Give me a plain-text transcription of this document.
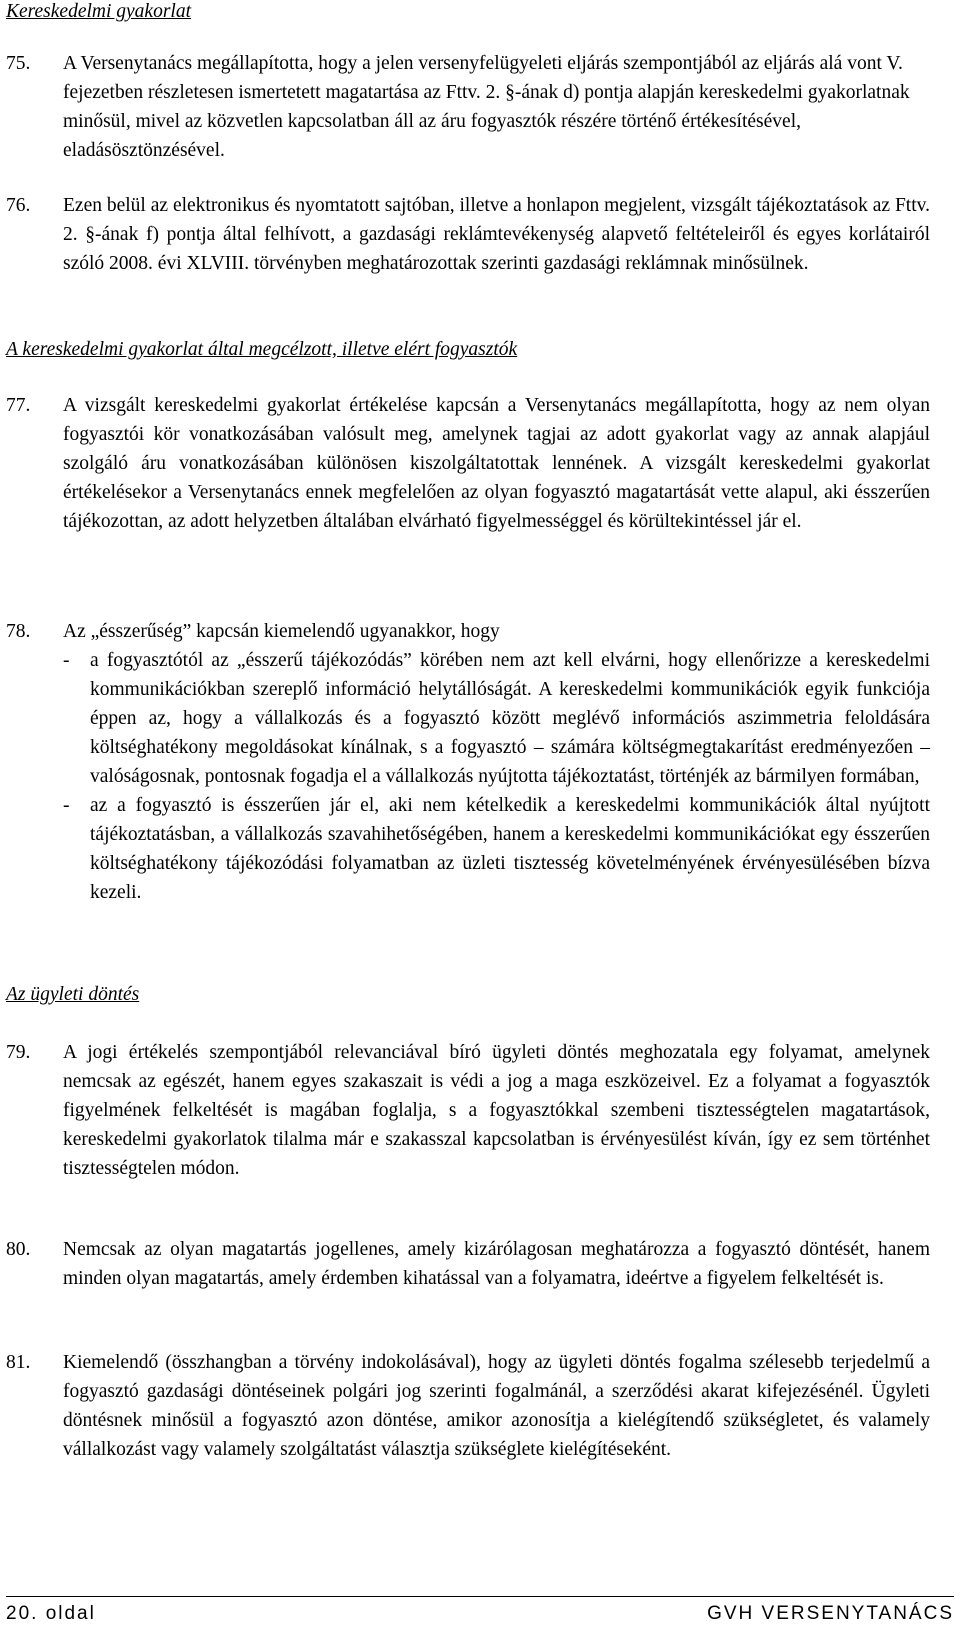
Kereskedelmi gyakorlat
75.	A Versenytanács megállapította, hogy a jelen versenyfelügyeleti eljárás szempontjából az eljárás alá vont V. fejezetben részletesen ismertetett magatartása az Fttv. 2. §-ának d) pontja alapján kereskedelmi gyakorlatnak minősül, mivel az közvetlen kapcsolatban áll az áru fogyasztók részére történő értékesítésével, eladásösztönzésével.
76.	Ezen belül az elektronikus és nyomtatott sajtóban, illetve a honlapon megjelent, vizsgált tájékoztatások az Fttv. 2. §-ának f) pontja által felhívott, a gazdasági reklámtevékenység alapvető feltételeiről és egyes korlátairól szóló 2008. évi XLVIII. törvényben meghatározottak szerinti gazdasági reklámnak minősülnek.
A kereskedelmi gyakorlat által megcélzott, illetve elért fogyasztók
77.	A vizsgált kereskedelmi gyakorlat értékelése kapcsán a Versenytanács megállapította, hogy az nem olyan fogyasztói kör vonatkozásában valósult meg, amelynek tagjai az adott gyakorlat vagy az annak alapjául szolgáló áru vonatkozásában különösen kiszolgáltatottak lennének. A vizsgált kereskedelmi gyakorlat értékelésekor a Versenytanács ennek megfelelően az olyan fogyasztó magatartását vette alapul, aki ésszerűen tájékozottan, az adott helyzetben általában elvárható figyelmességgel és körültekintéssel jár el.
78.	Az „ésszerűség” kapcsán kiemelendő ugyanakkor, hogy
-	a fogyasztótól az „ésszerű tájékozódás” körében nem azt kell elvárni, hogy ellenőrizze a kereskedelmi kommunikációkban szereplő információ helytállóságát. A kereskedelmi kommunikációk egyik funkciója éppen az, hogy a vállalkozás és a fogyasztó között meglévő információs aszimmetria feloldására költséghatékony megoldásokat kínálnak, s a fogyasztó – számára költségmegtakarítást eredményezően – valóságosnak, pontosnak fogadja el a vállalkozás nyújtotta tájékoztatást, történjék az bármilyen formában,
-	az a fogyasztó is ésszerűen jár el, aki nem kételkedik a kereskedelmi kommunikációk által nyújtott tájékoztatásban, a vállalkozás szavahihetőségében, hanem a kereskedelmi kommunikációkat egy ésszerűen költséghatékony tájékozódási folyamatban az üzleti tisztesség követelményének érvényesülésében bízva kezeli.
Az ügyleti döntés
79.	A jogi értékelés szempontjából relevanciával bíró ügyleti döntés meghozatala egy folyamat, amelynek nemcsak az egészét, hanem egyes szakaszait is védi a jog a maga eszközeivel. Ez a folyamat a fogyasztók figyelmének felkeltését is magában foglalja, s a fogyasztókkal szembeni tisztességtelen magatartások, kereskedelmi gyakorlatok tilalma már e szakasszal kapcsolatban is érvényesülést kíván, így ez sem történhet tisztességtelen módon.
80.	Nemcsak az olyan magatartás jogellenes, amely kizárólagosan meghatározza a fogyasztó döntését, hanem minden olyan magatartás, amely érdemben kihatással van a folyamatra, ideértve a figyelem felkeltését is.
81.	Kiemelendő (összhangban a törvény indokolásával), hogy az ügyleti döntés fogalma szélesebb terjedelmű a fogyasztó gazdasági döntéseinek polgári jog szerinti fogalmánál, a szerződési akarat kifejezésénél. Ügyleti döntésnek minősül a fogyasztó azon döntése, amikor azonosítja a kielégítendő szükségletet, és valamely vállalkozást vagy valamely szolgáltatást választja szükséglete kielégítéseként.
20. oldal	GVH VERSENYTANÁCS
